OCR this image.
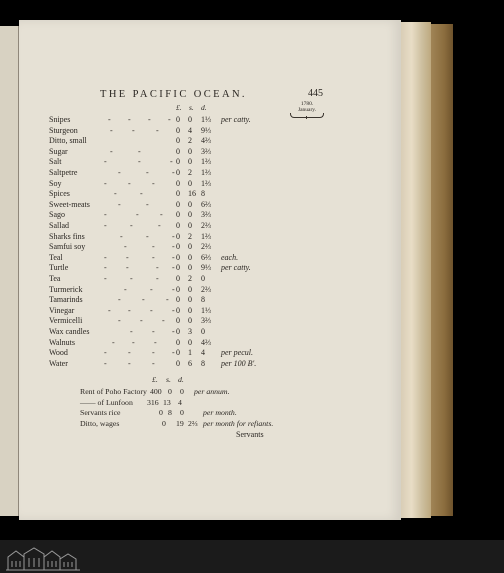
THE PACIFIC OCEAN.	445
1780.
January.
£. s. d.
Snipes	- - - - 0 0 1⅓ per catty.
Sturgeon	- -	- 0 4 9⅓
Ditto, small	0 2 4⅔
Sugar	-	-	0 0 3⅔
Salt	-	-	- 0 0 1⅔
Saltpetre	-	-	- 0 2 1⅔
Soy	-	-	-	0 0 1⅔
Spices	-	-	0 16 8
Sweet-meats	-	-	0 0 6⅔
Sago	-	-	- 0 0 3⅔
Sallad	-	-	- 0 0 2⅔
Sharks fins	-	-	- 0 2 1⅔
Samfui soy	-	- - 0 0 2⅔
Teal	- -	- - 0 0 6⅔ each.
Turtle	- -	- - 0 0 9⅓ per catty.
Tea	-	-	- 0 2 0
Turmerick	-	- - 0 0 2⅔
Tamarinds	-	-	- 0 0 8
Vinegar	- - - - 0 0 1⅓
Vermicelli	- - - 0 0 3⅔
Wax candles	- - - 0 3 0
Walnuts	- - - 0 0 4⅔
Wood	-	-	- - 0 1 4 per pecul.
Water	-	-	-	0 6 8 per 100 B'.
£. s. d.
Rent of Poho Factory 400 0 0 per annum.
—— of Lunfoon 316 13 4
Servants rice	0 8 0 per month.
Ditto, wages	0 19 2⅔ per month for refiants.
Servants
